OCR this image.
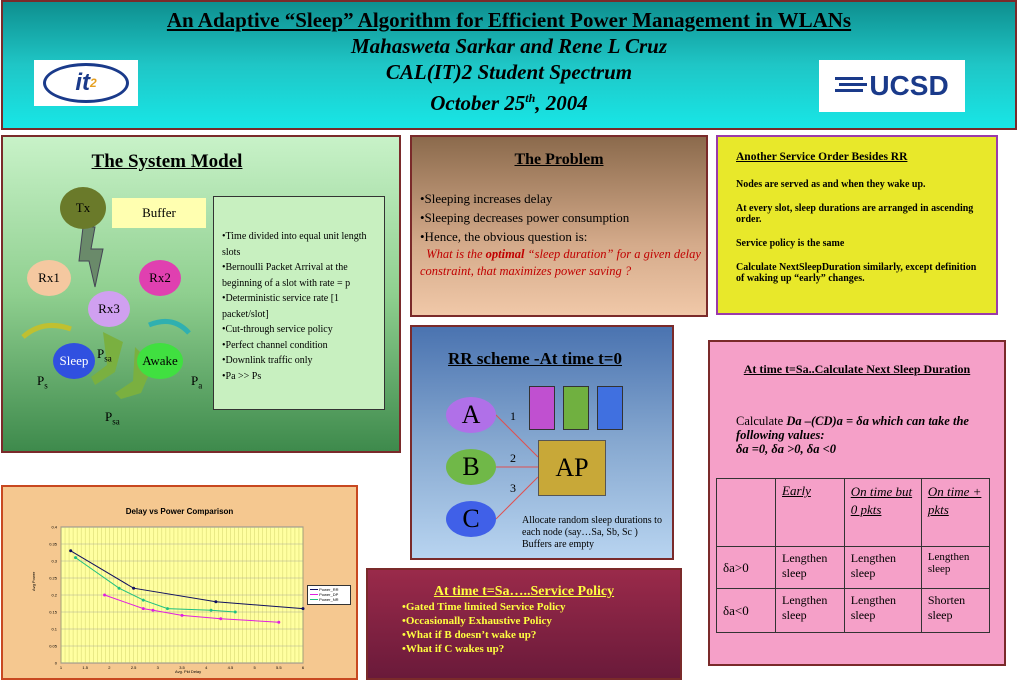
An Adaptive “Sleep” Algorithm for Efficient Power Management in WLANs
Mahasweta Sarkar and Rene L Cruz
CAL(IT)2 Student Spectrum
October 25th, 2004
it 2	UCSD
The System Model
Tx	Buffer
Rx1	Rx2
Rx3
Sleep	Awake
$P_{sa}$
$P_s$	$P_a$
$P_{sa}$
•Time divided into equal unit length slots
•Bernoulli Packet Arrival at the beginning of a slot with rate = p
•Deterministic service rate [1 packet/slot]
•Cut-through service policy
•Perfect channel condition
•Downlink traffic only
•Pa >> Ps
The Problem
•Sleeping increases delay
•Sleeping decreases power consumption
•Hence, the obvious question is:
What is the optimal “sleep duration” for a given delay constraint, that maximizes power saving ?
Another Service Order Besides RR
Nodes are served as and when they wake up.
At every slot, sleep durations are arranged in ascending order.
Service policy is the same
Calculate NextSleepDuration similarly, except definition of waking up “early” changes.
RR scheme -At time t=0
A
B
C
1
2
3
AP
Allocate random sleep durations to each node (say…Sa, Sb, Sc ) Buffers are empty
At time t=Sa..Calculate Next Sleep Duration
Calculate Da –(CD)a = δa which can take the following values:
δa =0, δa >0, δa <0
	Early	On time but 0 pkts	On time + pkts
δa>0	Lengthen sleep	Lengthen sleep	Lengthen sleep
δa<0	Lengthen sleep	Lengthen sleep	Shorten sleep
At time t=Sa…..Service Policy
•Gated Time limited Service Policy
•Occasionally Exhaustive Policy
•What if B doesn’t wake up?
•What if C wakes up?
Delay vs Power Comparison
0
0.05
0.1
0.15
0.2
0.25
0.3
0.35
0.4
1	1.5	2	2.5	3	3.5	4	4.5	5	5.5	6
Avg. Pkt Delay
Avg Power	Power_RR
Power_DP
Power_NR
